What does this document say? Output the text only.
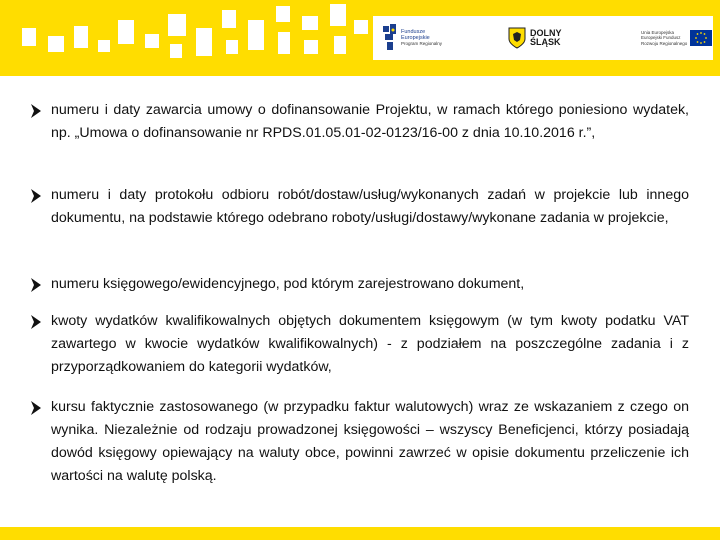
Fundusze
Europejskie
Program Regionalny
DOLNY
ŚLĄSK
Unia Europejska
Europejski Fundusz
Rozwoju Regionalnego
numeru i daty zawarcia umowy o dofinansowanie Projektu, w ramach którego poniesiono wydatek, np. „Umowa o dofinansowanie nr RPDS.01.05.01-02-0123/16-00 z dnia 10.10.2016 r.”,
numeru i daty protokołu odbioru robót/dostaw/usług/wykonanych zadań w projekcie lub innego dokumentu, na podstawie którego odebrano roboty/usługi/dostawy/wykonane zadania w projekcie,
numeru księgowego/ewidencyjnego, pod którym zarejestrowano dokument,
kwoty wydatków kwalifikowalnych objętych dokumentem księgowym (w tym kwoty podatku VAT zawartego w kwocie wydatków kwalifikowalnych) - z podziałem na poszczególne zadania i z przyporządkowaniem do kategorii wydatków,
kursu faktycznie zastosowanego (w przypadku faktur walutowych) wraz ze wskazaniem z czego on wynika. Niezależnie od rodzaju prowadzonej księgowości – wszyscy Beneficjenci, którzy posiadają dowód księgowy opiewający na waluty obce, powinni zawrzeć w opisie dokumentu przeliczenie ich wartości na walutę polską.
